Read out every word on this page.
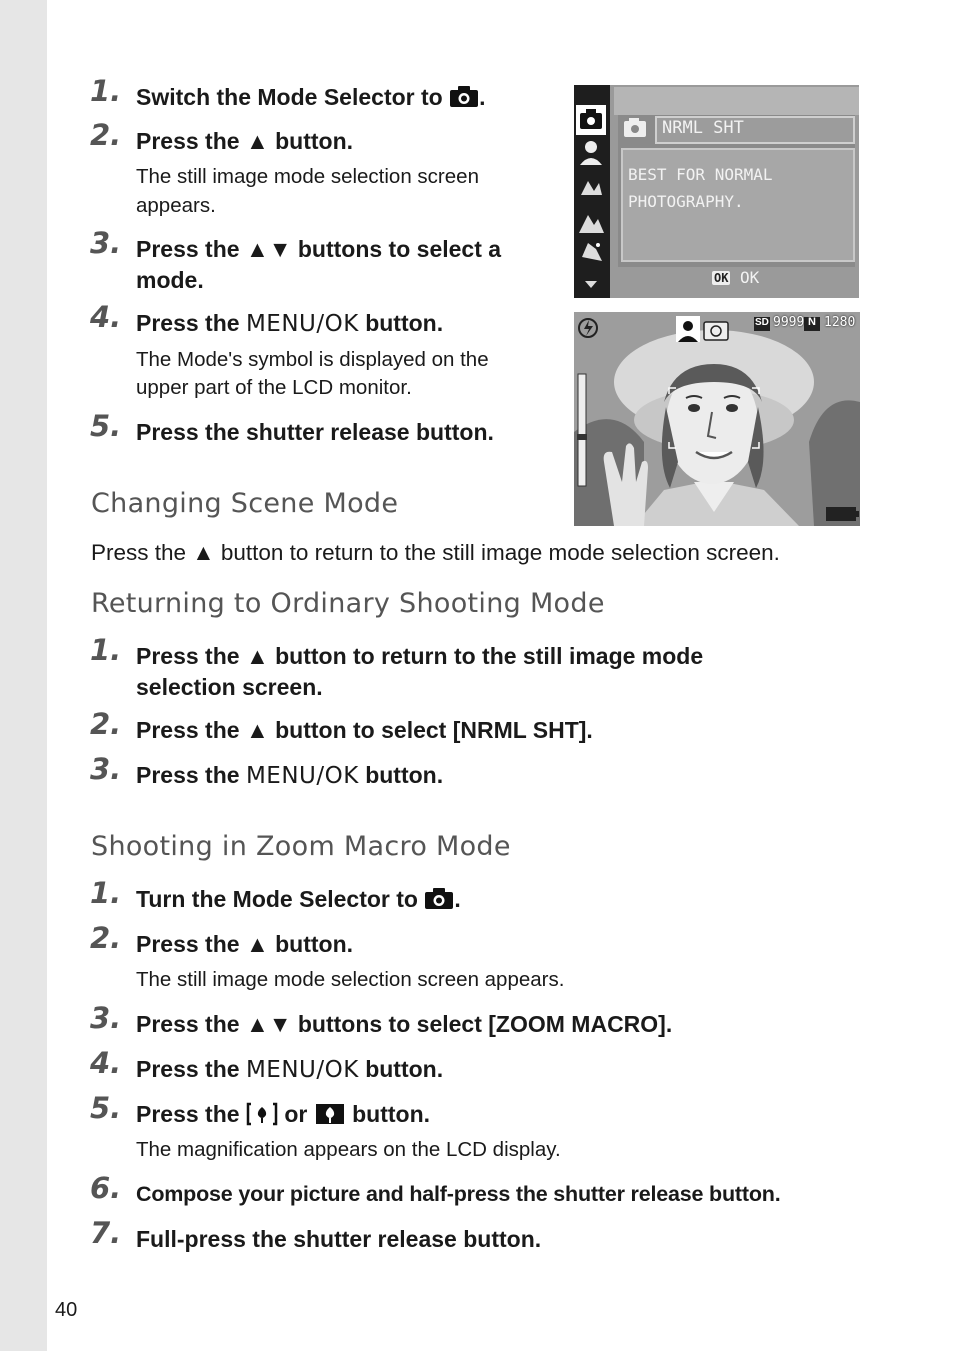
1. Switch the Mode Selector to .
2. Press the ▲ button.
The still image mode selection screen
appears.
3. Press the ▲▼ buttons to select a
mode.
4. Press the MENU/OK button.
The Mode's symbol is displayed on the
upper part of the LCD monitor.
5. Press the shutter release button.
NRML SHT
BEST FOR NORMAL
PHOTOGRAPHY.
OK OK
SD 9999 N 1280
Changing Scene Mode
Press the ▲ button to return to the still image mode selection screen.
Returning to Ordinary Shooting Mode
1. Press the ▲ button to return to the still image mode
selection screen.
2. Press the ▲ button to select [NRML SHT].
3. Press the MENU/OK button.
Shooting in Zoom Macro Mode
1. Turn the Mode Selector to .
2. Press the ▲ button.
The still image mode selection screen appears.
3. Press the ▲▼ buttons to select [ZOOM MACRO].
4. Press the MENU/OK button.
5. Press the  or  button.
The magnification appears on the LCD display.
6. Compose your picture and half-press the shutter release button.
7. Full-press the shutter release button.
40
